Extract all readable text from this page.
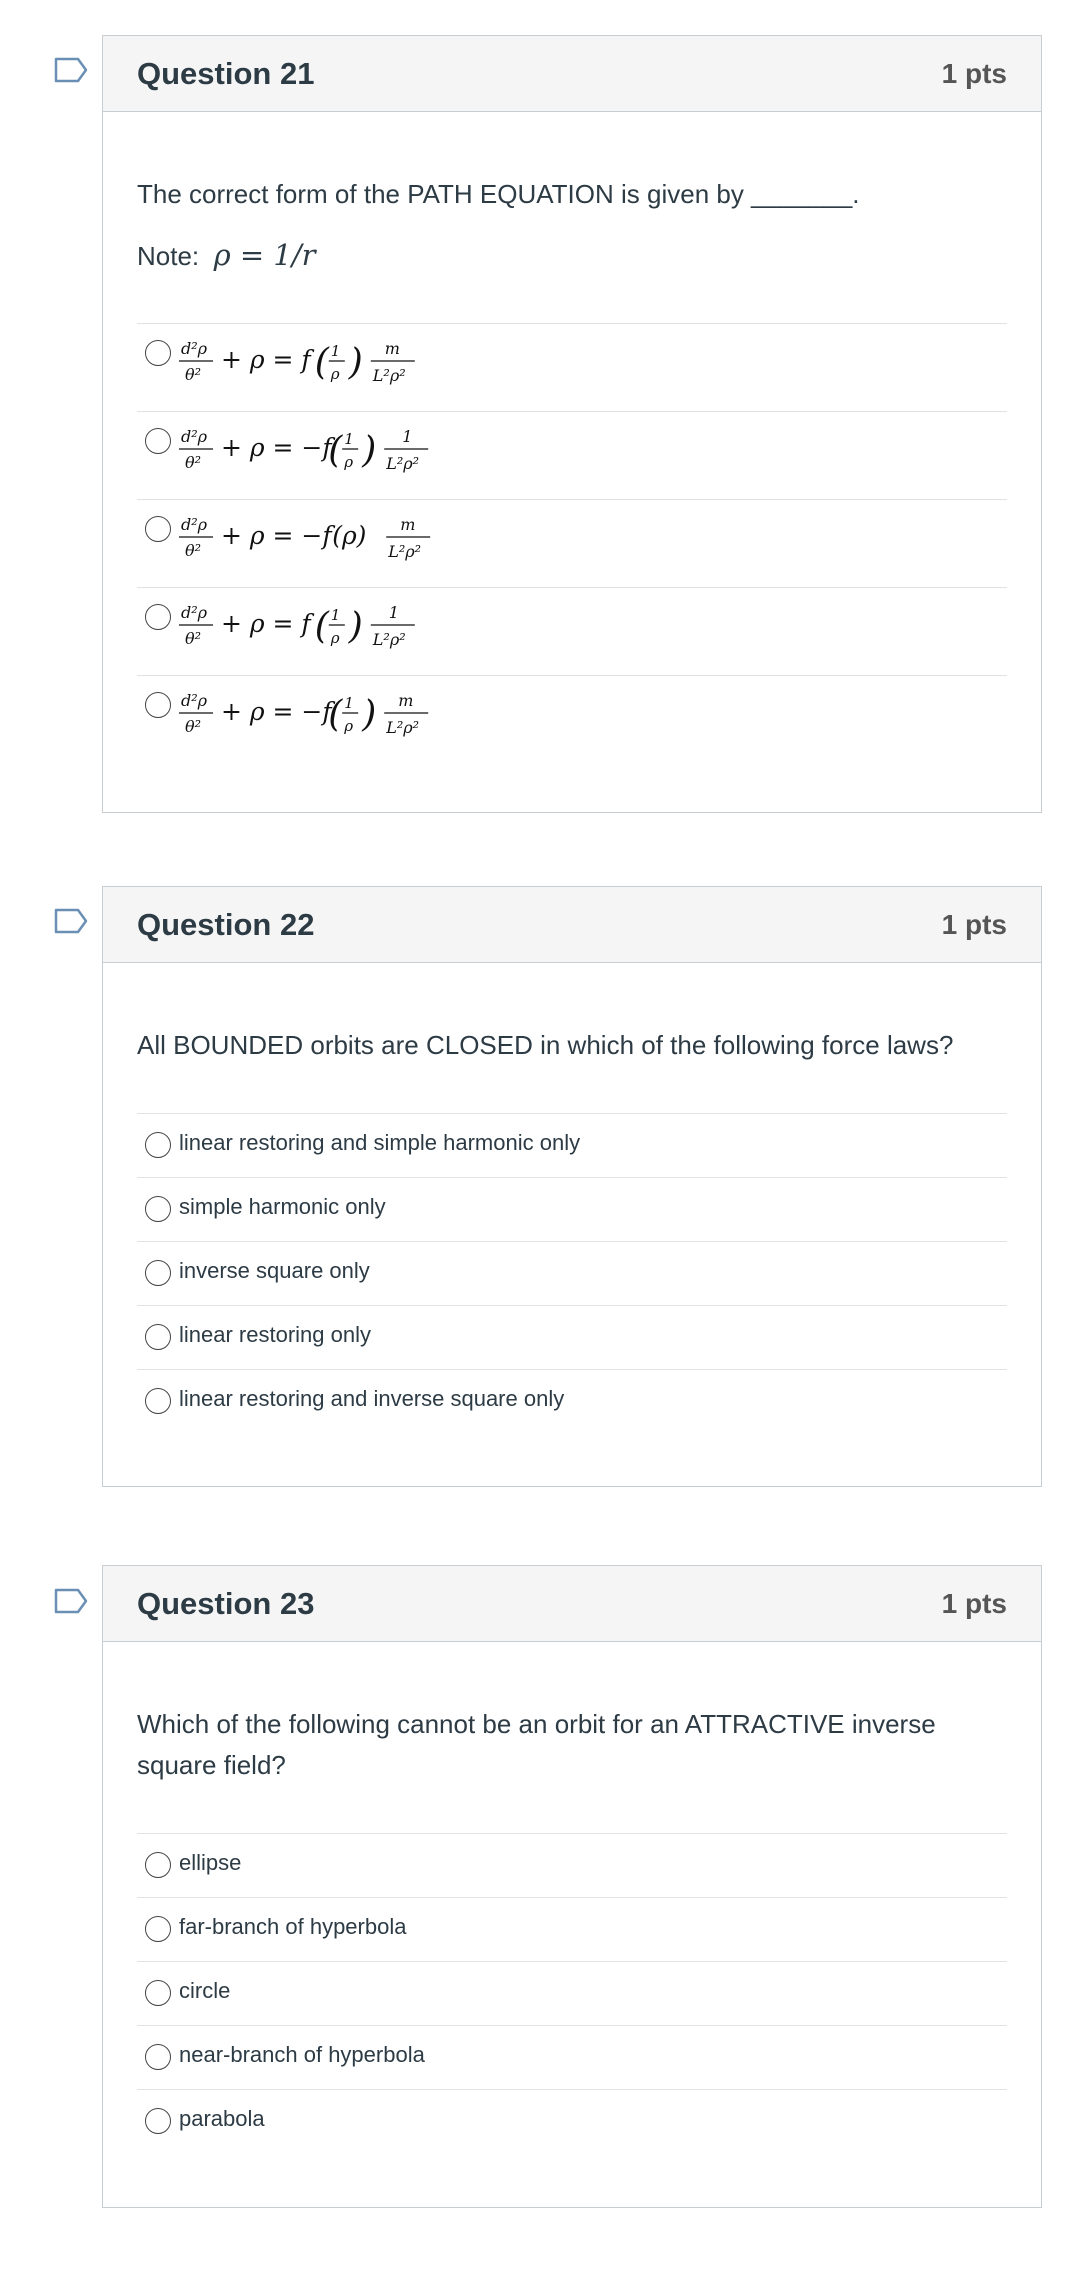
Question 21	1 pts

The correct form of the PATH EQUATION is given by _______.

Note: ρ = 1/r

d²ρ
θ²
+ ρ = f ( 1
ρ ) m
L²ρ²
d²ρ
θ²
+ ρ = −f
( 1
ρ ) 1
L²ρ²
d²ρ
θ²
+ ρ = −f (ρ) m
L²ρ²
d²ρ
θ²
+ ρ = f ( 1
ρ ) 1
L²ρ²
d²ρ
θ²
+ ρ = −f
( 1
ρ ) m
L²ρ²
Question 22	1 pts

All BOUNDED orbits are CLOSED in which of the following force laws?

linear restoring and simple harmonic only
simple harmonic only
inverse square only
linear restoring only
linear restoring and inverse square only
Question 23	1 pts

Which of the following cannot be an orbit for an ATTRACTIVE inverse square field?

ellipse
far-branch of hyperbola
circle
near-branch of hyperbola
parabola
